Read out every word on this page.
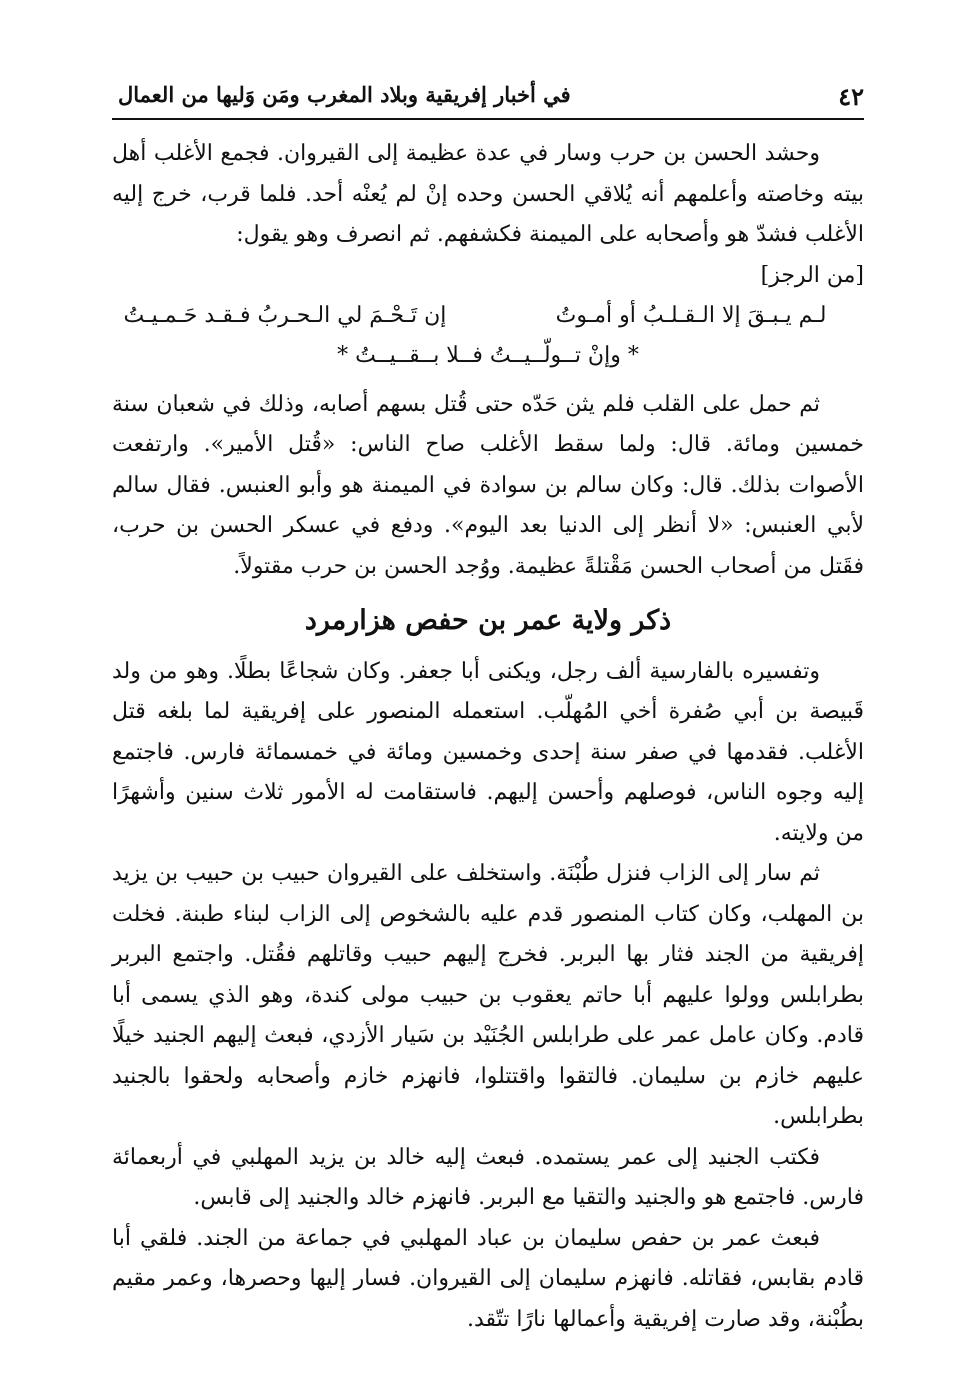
٤٢
في أخبار إفريقية وبلاد المغرب ومَن وَليها من العمال

وحشد الحسن بن حرب وسار في عدة عظيمة إلى القيروان. فجمع الأغلب أهل بيته وخاصته وأعلمهم أنه يُلاقي الحسن وحده إنْ لم يُعنْه أحد. فلما قرب، خرج إليه الأغلب فشدّ هو وأصحابه على الميمنة فكشفهم. ثم انصرف وهو يقول:

[من الرجز]

لـم يـبـقَ إلا الـقـلـبُ أو أمـوتُ
إن تَـحْـمَ لي الـحـربُ فـقـد حَـمـيـتُ

* وإنْ تــولّــيــتُ فــلا بــقــيــتُ *

ثم حمل على القلب فلم يثن حَدّه حتى قُتل بسهم أصابه، وذلك في شعبان سنة خمسين ومائة. قال: ولما سقط الأغلب صاح الناس: «قُتل الأمير». وارتفعت الأصوات بذلك. قال: وكان سالم بن سوادة في الميمنة هو وأبو العنبس. فقال سالم لأبي العنبس: «لا أنظر إلى الدنيا بعد اليوم». ودفع في عسكر الحسن بن حرب، فقَتل من أصحاب الحسن مَقْتلةً عظيمة. ووُجد الحسن بن حرب مقتولاً.

ذكر ولاية عمر بن حفص هزارمرد

وتفسيره بالفارسية ألف رجل، ويكنى أبا جعفر. وكان شجاعًا بطلًا. وهو من ولد قَبيصة بن أبي صُفرة أخي المُهلّب. استعمله المنصور على إفريقية لما بلغه قتل الأغلب. فقدمها في صفر سنة إحدى وخمسين ومائة في خمسمائة فارس. فاجتمع إليه وجوه الناس، فوصلهم وأحسن إليهم. فاستقامت له الأمور ثلاث سنين وأشهرًا من ولايته.

ثم سار إلى الزاب فنزل طُبْنَة. واستخلف على القيروان حبيب بن حبيب بن يزيد بن المهلب، وكان كتاب المنصور قدم عليه بالشخوص إلى الزاب لبناء طبنة. فخلت إفريقية من الجند فثار بها البربر. فخرج إليهم حبيب وقاتلهم فقُتل. واجتمع البربر بطرابلس وولوا عليهم أبا حاتم يعقوب بن حبيب مولى كندة، وهو الذي يسمى أبا قادم. وكان عامل عمر على طرابلس الجُنَيْد بن سَيار الأزدي، فبعث إليهم الجنيد خيلًا عليهم خازم بن سليمان. فالتقوا واقتتلوا، فانهزم خازم وأصحابه ولحقوا بالجنيد بطرابلس.

فكتب الجنيد إلى عمر يستمده. فبعث إليه خالد بن يزيد المهلبي في أربعمائة فارس. فاجتمع هو والجنيد والتقيا مع البربر. فانهزم خالد والجنيد إلى قابس.

فبعث عمر بن حفص سليمان بن عباد المهلبي في جماعة من الجند. فلقي أبا قادم بقابس، فقاتله. فانهزم سليمان إلى القيروان. فسار إليها وحصرها، وعمر مقيم بطُبْنة، وقد صارت إفريقية وأعمالها نارًا تتّقد.
